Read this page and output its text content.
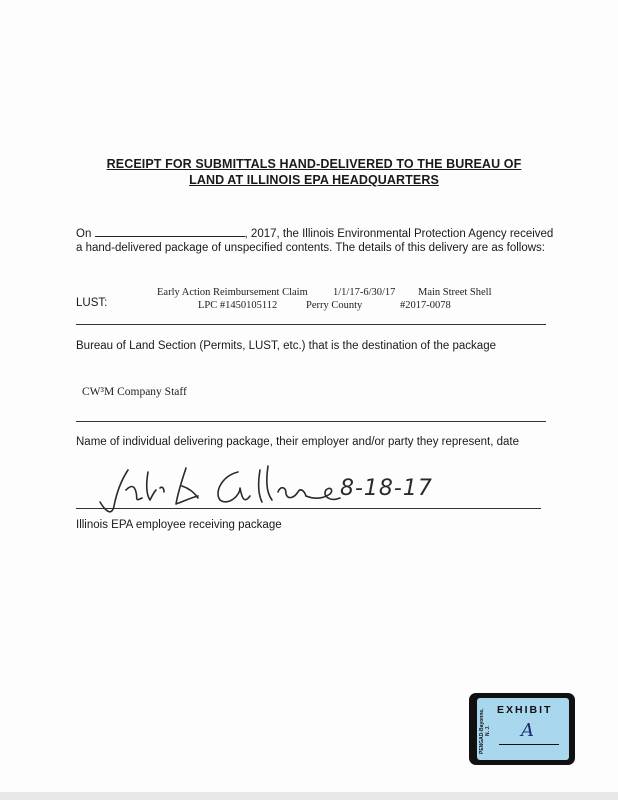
RECEIPT FOR SUBMITTALS HAND-DELIVERED TO THE BUREAU OF
LAND AT ILLINOIS EPA HEADQUARTERS
On	, 2017, the Illinois Environmental Protection Agency received a hand-delivered package of unspecified contents. The details of this delivery are as follows:
LUST:
Early Action Reimbursement Claim 1/1/17-6/30/17 Main Street Shell
LPC #1450105112	Perry County	#2017-0078
Bureau of Land Section (Permits, LUST, etc.) that is the destination of the package
CW³M Company Staff
Name of individual delivering package, their employer and/or party they represent, date
8-18-17
Illinois EPA employee receiving package
PENGAD-Bayonne, N. J.
EXHIBIT
A
